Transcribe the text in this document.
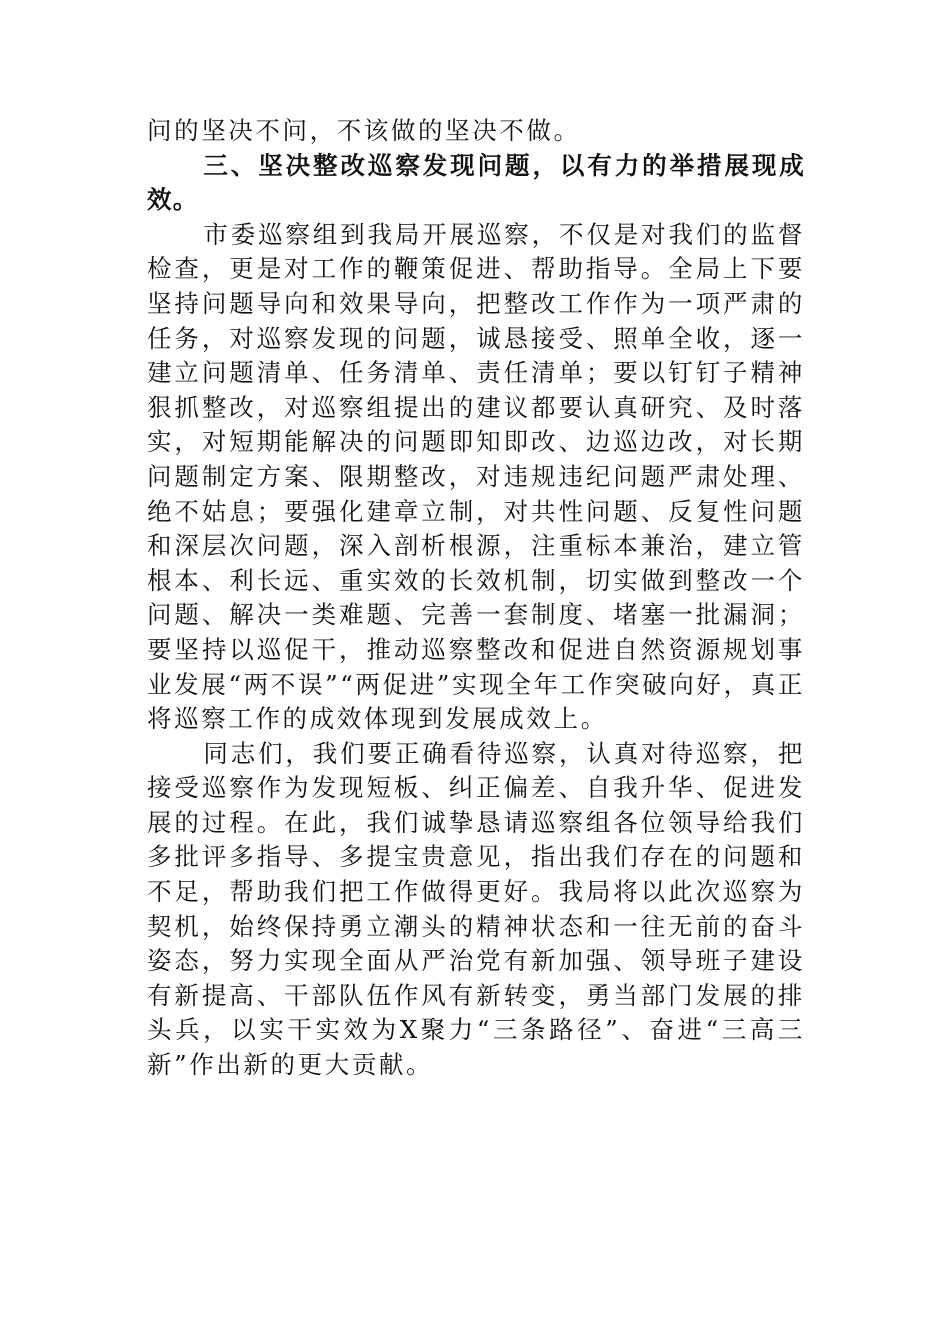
问的坚决不问，不该做的坚决不做。

三、坚决整改巡察发现问题，以有力的举措展现成效。

市委巡察组到我局开展巡察，不仅是对我们的监督检查，更是对工作的鞭策促进、帮助指导。全局上下要坚持问题导向和效果导向，把整改工作作为一项严肃的任务，对巡察发现的问题，诚恳接受、照单全收，逐一建立问题清单、任务清单、责任清单；要以钉钉子精神狠抓整改，对巡察组提出的建议都要认真研究、及时落实，对短期能解决的问题即知即改、边巡边改，对长期问题制定方案、限期整改，对违规违纪问题严肃处理、绝不姑息；要强化建章立制，对共性问题、反复性问题和深层次问题，深入剖析根源，注重标本兼治，建立管根本、利长远、重实效的长效机制，切实做到整改一个问题、解决一类难题、完善一套制度、堵塞一批漏洞；要坚持以巡促干，推动巡察整改和促进自然资源规划事业发展“两不误”“两促进”实现全年工作突破向好，真正将巡察工作的成效体现到发展成效上。

同志们，我们要正确看待巡察，认真对待巡察，把接受巡察作为发现短板、纠正偏差、自我升华、促进发展的过程。在此，我们诚挚恳请巡察组各位领导给我们多批评多指导、多提宝贵意见，指出我们存在的问题和不足，帮助我们把工作做得更好。我局将以此次巡察为契机，始终保持勇立潮头的精神状态和一往无前的奋斗姿态，努力实现全面从严治党有新加强、领导班子建设有新提高、干部队伍作风有新转变，勇当部门发展的排头兵，以实干实效为X聚力“三条路径”、奋进“三高三新”作出新的更大贡献。
